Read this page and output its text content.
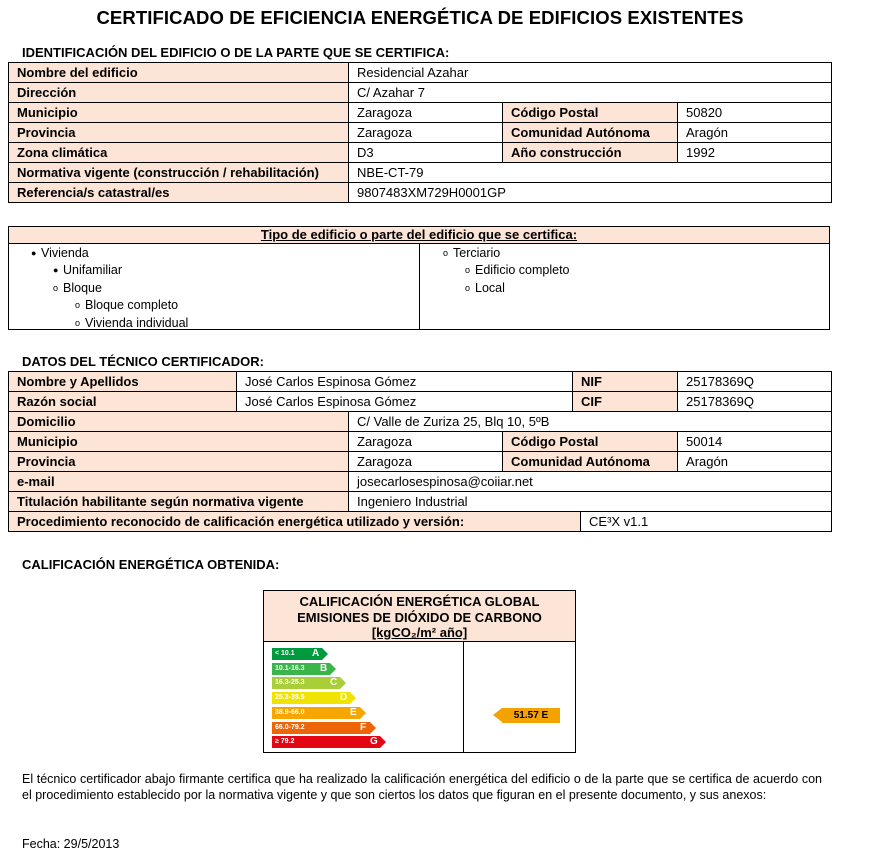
CERTIFICADO DE EFICIENCIA ENERGÉTICA DE EDIFICIOS EXISTENTES
IDENTIFICACIÓN DEL EDIFICIO O DE LA PARTE QUE SE CERTIFICA:
Nombre del edificio	Residencial Azahar		
Dirección	C/ Azahar 7		
Municipio	Zaragoza	Código Postal	50820
Provincia	Zaragoza	Comunidad Autónoma	Aragón
Zona climática	D3	Año construcción	1992
Normativa vigente (construcción / rehabilitación)	NBE-CT-79		
Referencia/s catastral/es	9807483XM729H0001GP		
Tipo de edificio o parte del edificio que se certifica:
● Vivienda
● Unifamiliar
o Bloque
o Bloque completo
o Vivienda individual
o Terciario
o Edificio completo
o Local
DATOS DEL TÉCNICO CERTIFICADOR:
Nombre y Apellidos	José Carlos Espinosa Gómez			NIF		25178369Q
Razón social	José Carlos Espinosa Gómez			CIF		25178369Q
Domicilio		C/ Valle de Zuriza 25, Blq 10, 5ºB				
Municipio		Zaragoza	Código Postal			50014
Provincia		Zaragoza	Comunidad Autónoma			Aragón
e-mail		josecarlosespinosa@coiiar.net				
Titulación habilitante según normativa vigente		Ingeniero Industrial				
Procedimiento reconocido de calificación energética utilizado y versión:					CE³X v1.1	
CALIFICACIÓN ENERGÉTICA OBTENIDA:
CALIFICACIÓN ENERGÉTICA GLOBAL
EMISIONES DE DIÓXIDO DE CARBONO
[kgCO₂/m² año]
< 10.1 A
10.1-16.3 B
16.3-25.3	C
25.3-38.9	D
38.9-66.0	E
66.0-79.2	F
≥ 79.2	G
51.57 E
El técnico certificador abajo firmante certifica que ha realizado la calificación energética del edificio o de la parte que se certifica de acuerdo con el procedimiento establecido por la normativa vigente y que son ciertos los datos que figuran en el presente documento, y sus anexos:
Fecha: 29/5/2013
